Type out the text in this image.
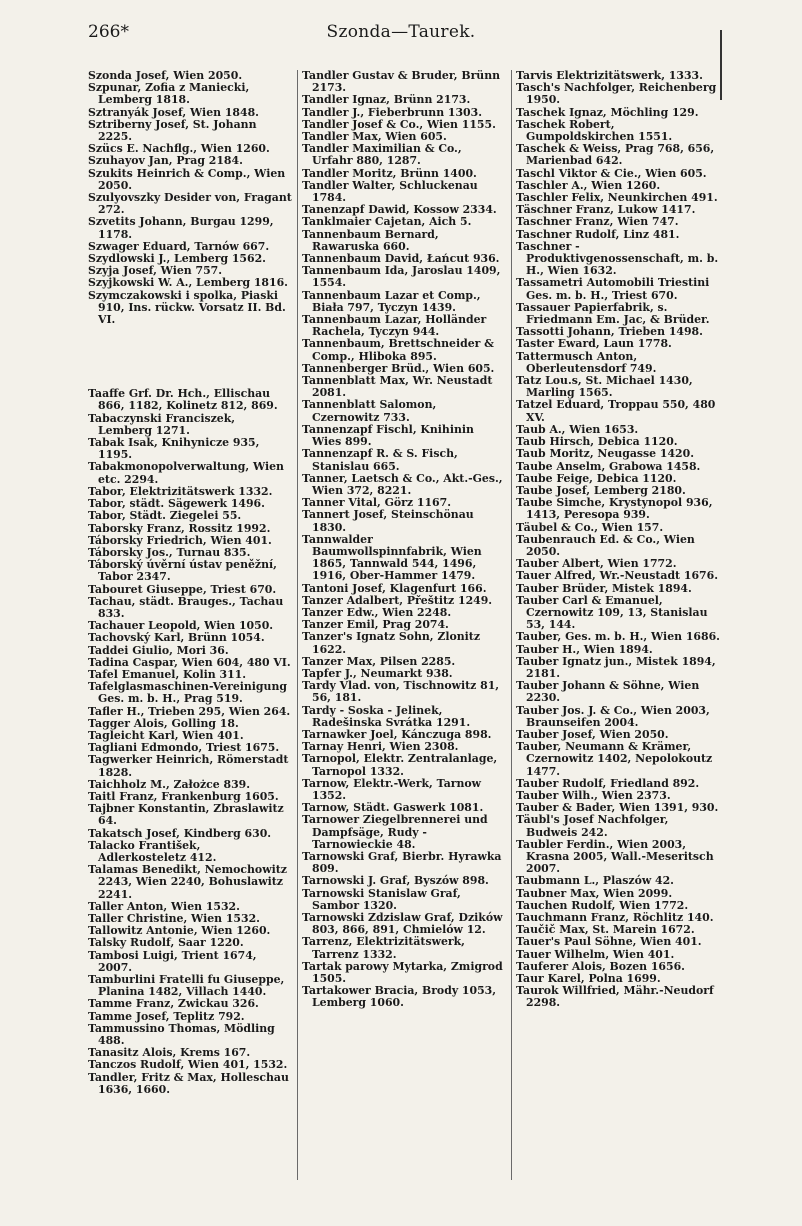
266*	Szonda—Taurek.

Szonda Josef, Wien 2050.

Szpunar, Zofia z Maniecki, Lemberg 1818.

Sztranyák Josef, Wien 1848.

Sztriberny Josef, St. Johann 2225.

Szücs E. Nachflg., Wien 1260.

Szuhayov Jan, Prag 2184.

Szukits Heinrich & Comp., Wien 2050.

Szulyovszky Desider von, Fragant 272.

Szvetits Johann, Burgau 1299, 1178.

Szwager Eduard, Tarnów 667.

Szydlowski J., Lemberg 1562.

Szyja Josef, Wien 757.

Szyjkowski W. A., Lemberg 1816.

Szymczakowski i spolka, Piaski 910, Ins. rückw. Vorsatz II. Bd. VI.

Taaffe Grf. Dr. Hch., Ellischau 866, 1182, Kolinetz 812, 869.

Tabaczynski Franciszek, Lemberg 1271.

Tabak Isak, Knihynicze 935, 1195.

Tabakmonopolverwaltung, Wien etc. 2294.

Tabor, Elektrizitätswerk 1332.

Tabor, städt. Sägewerk 1496.

Tabor, Städt. Ziegelei 55.

Taborsky Franz, Rossitz 1992.

Táborsky Friedrich, Wien 401.

Táborsky Jos., Turnau 835.

Táborský úvěrní ústav peněžní, Tabor 2347.

Tabouret Giuseppe, Triest 670.

Tachau, städt. Brauges., Tachau 833.

Tachauer Leopold, Wien 1050.

Tachovský Karl, Brünn 1054.

Taddei Giulio, Mori 36.

Tadina Caspar, Wien 604, 480 VI.

Tafel Emanuel, Kolin 311.

Tafelglasmaschinen-Vereinigung Ges. m. b. H., Prag 519.

Tafler H., Trieben 295, Wien 264.

Tagger Alois, Golling 18.

Tagleicht Karl, Wien 401.

Tagliani Edmondo, Triest 1675.

Tagwerker Heinrich, Römerstadt 1828.

Taichholz M., Założce 839.

Taitl Franz, Frankenburg 1605.

Tajbner Konstantin, Zbraslawitz 64.

Takatsch Josef, Kindberg 630.

Talacko František, Adlerkosteletz 412.

Talamas Benedikt, Nemochowitz 2243, Wien 2240, Bohuslawitz 2241.

Taller Anton, Wien 1532.

Taller Christine, Wien 1532.

Tallowitz Antonie, Wien 1260.

Talsky Rudolf, Saar 1220.

Tambosi Luigi, Trient 1674, 2007.

Tamburlini Fratelli fu Giuseppe, Planina 1482, Villach 1440.

Tamme Franz, Zwickau 326.

Tamme Josef, Teplitz 792.

Tammussino Thomas, Mödling 488.

Tanasitz Alois, Krems 167.

Tanczos Rudolf, Wien 401, 1532.

Tandler, Fritz & Max, Holleschau 1636, 1660.

Tandler Gustav & Bruder, Brünn 2173.

Tandler Ignaz, Brünn 2173.

Tandler J., Fieberbrunn 1303.

Tandler Josef & Co., Wien 1155.

Tandler Max, Wien 605.

Tandler Maximilian & Co., Urfahr 880, 1287.

Tandler Moritz, Brünn 1400.

Tandler Walter, Schluckenau 1784.

Tanenzapf Dawid, Kossow 2334.

Tanklmaier Cajetan, Aich 5.

Tannenbaum Bernard, Rawaruska 660.

Tannenbaum David, Łańcut 936.

Tannenbaum Ida, Jaroslau 1409, 1554.

Tannenbaum Lazar et Comp., Biała 797, Tyczyn 1439.

Tannenbaum Lazar, Holländer Rachela, Tyczyn 944.

Tannenbaum, Brettschneider & Comp., Hliboka 895.

Tannenberger Brüd., Wien 605.

Tannenblatt Max, Wr. Neustadt 2081.

Tannenblatt Salomon, Czernowitz 733.

Tannenzapf Fischl, Knihinin Wies 899.

Tannenzapf R. & S. Fisch, Stanislau 665.

Tanner, Laetsch & Co., Akt.-Ges., Wien 372, 8221.

Tanner Vital, Görz 1167.

Tannert Josef, Steinschönau 1830.

Tannwalder Baumwollspinnfabrik, Wien 1865, Tannwald 544, 1496, 1916, Ober-Hammer 1479.

Tantoni Josef, Klagenfurt 166.

Tanzer Adalbert, Přeštitz 1249.

Tanzer Edw., Wien 2248.

Tanzer Emil, Prag 2074.

Tanzer's Ignatz Sohn, Zlonitz 1622.

Tanzer Max, Pilsen 2285.

Tapfer J., Neumarkt 938.

Tardy Vlad. von, Tischnowitz 81, 56, 181.

Tardy - Soska - Jelinek, Radešinska Svrátka 1291.

Tarnawker Joel, Kánczuga 898.

Tarnay Henri, Wien 2308.

Tarnopol, Elektr. Zentralanlage, Tarnopol 1332.

Tarnow, Elektr.-Werk, Tarnow 1352.

Tarnow, Städt. Gaswerk 1081.

Tarnower Ziegelbrennerei und Dampfsäge, Rudy - Tarnowieckie 48.

Tarnowski Graf, Bierbr. Hyrawka 809.

Tarnowski J. Graf, Byszów 898.

Tarnowski Stanislaw Graf, Sambor 1320.

Tarnowski Zdzislaw Graf, Dzików 803, 866, 891, Chmielów 12.

Tarrenz, Elektrizitätswerk, Tarrenz 1332.

Tartak parowy Mytarka, Zmigrod 1505.

Tartakower Bracia, Brody 1053, Lemberg 1060.

Tarvis Elektrizitätswerk, 1333.

Tasch's Nachfolger, Reichenberg 1950.

Taschek Ignaz, Möchling 129.

Taschek Robert, Gumpoldskirchen 1551.

Taschek & Weiss, Prag 768, 656, Marienbad 642.

Taschl Viktor & Cie., Wien 605.

Taschler A., Wien 1260.

Taschler Felix, Neunkirchen 491.

Täschner Franz, Lukow 1417.

Taschner Franz, Wien 747.

Taschner Rudolf, Linz 481.

Taschner - Produktivgenossenschaft, m. b. H., Wien 1632.

Tassametri Automobili Triestini Ges. m. b. H., Triest 670.

Tassauer Papierfabrik, s. Friedmann Em. Jac, & Brüder.

Tassotti Johann, Trieben 1498.

Taster Eward, Laun 1778.

Tattermusch Anton, Oberleutensdorf 749.

Tatz Lou.s, St. Michael 1430, Marling 1565.

Tatzel Eduard, Troppau 550, 480 XV.

Taub A., Wien 1653.

Taub Hirsch, Debica 1120.

Taub Moritz, Neugasse 1420.

Taube Anselm, Grabowa 1458.

Taube Feige, Debica 1120.

Taube Josef, Lemberg 2180.

Taube Simche, Krystynopol 936, 1413, Peresopa 939.

Täubel & Co., Wien 157.

Taubenrauch Ed. & Co., Wien 2050.

Tauber Albert, Wien 1772.

Tauer Alfred, Wr.-Neustadt 1676.

Tauber Brüder, Mistek 1894.

Tauber Carl & Emanuel, Czernowitz 109, 13, Stanislau 53, 144.

Tauber, Ges. m. b. H., Wien 1686.

Tauber H., Wien 1894.

Tauber Ignatz jun., Mistek 1894, 2181.

Tauber Johann & Söhne, Wien 2230.

Tauber Jos. J. & Co., Wien 2003, Braunseifen 2004.

Tauber Josef, Wien 2050.

Tauber, Neumann & Krämer, Czernowitz 1402, Nepolokoutz 1477.

Tauber Rudolf, Friedland 892.

Tauber Wilh., Wien 2373.

Tauber & Bader, Wien 1391, 930.

Täubl's Josef Nachfolger, Budweis 242.

Taubler Ferdin., Wien 2003, Krasna 2005, Wall.-Meseritsch 2007.

Taubmann L., Plaszów 42.

Taubner Max, Wien 2099.

Tauchen Rudolf, Wien 1772.

Tauchmann Franz, Röchlitz 140.

Taučič Max, St. Marein 1672.

Tauer's Paul Söhne, Wien 401.

Tauer Wilhelm, Wien 401.

Tauferer Alois, Bozen 1656.

Taur Karel, Polna 1699.

Taurok Willfried, Mähr.-Neudorf 2298.
